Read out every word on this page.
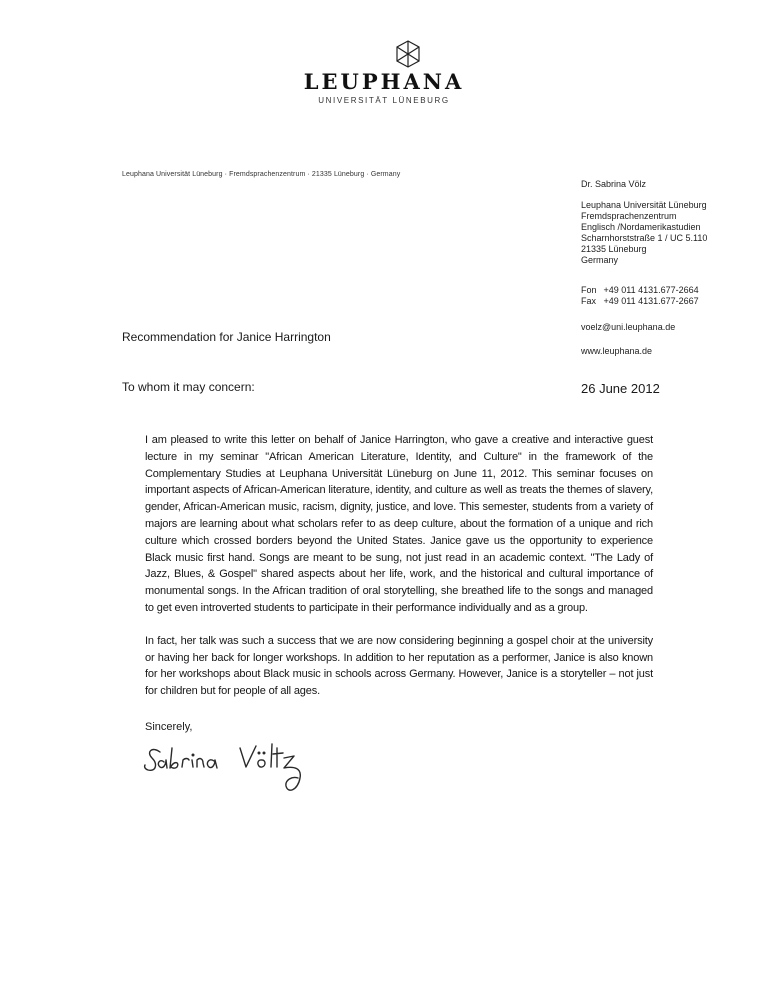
LEUPHANA
UNIVERSITÄT LÜNEBURG
Leuphana Universität Lüneburg · Fremdsprachenzentrum · 21335 Lüneburg · Germany
Dr. Sabrina Völz
Leuphana Universität Lüneburg
Fremdsprachenzentrum
Englisch /Nordamerikastudien
Scharnhorststraße 1 / UC 5.110
21335 Lüneburg
Germany
Fon +49 011 4131.677-2664
Fax +49 011 4131.677-2667
voelz@uni.leuphana.de
www.leuphana.de
Recommendation for Janice Harrington
To whom it may concern:	26 June 2012

I am pleased to write this letter on behalf of Janice Harrington, who gave a creative and interactive guest lecture in my seminar "African American Literature, Identity, and Culture" in the framework of the Complementary Studies at Leuphana Universität Lüneburg on June 11, 2012. This seminar focuses on important aspects of African-American literature, identity, and culture as well as treats the themes of slavery, gender, African-American music, racism, dignity, justice, and love. This semester, students from a variety of majors are learning about what scholars refer to as deep culture, about the formation of a unique and rich culture which crossed borders beyond the United States. Janice gave us the opportunity to experience Black music first hand. Songs are meant to be sung, not just read in an academic context. "The Lady of Jazz, Blues, & Gospel" shared aspects about her life, work, and the historical and cultural importance of monumental songs. In the African tradition of oral storytelling, she breathed life to the songs and managed to get even introverted students to participate in their performance individually and as a group.

In fact, her talk was such a success that we are now considering beginning a gospel choir at the university or having her back for longer workshops. In addition to her reputation as a performer, Janice is also known for her workshops about Black music in schools across Germany. However, Janice is a storyteller – not just for children but for people of all ages.

Sincerely,
